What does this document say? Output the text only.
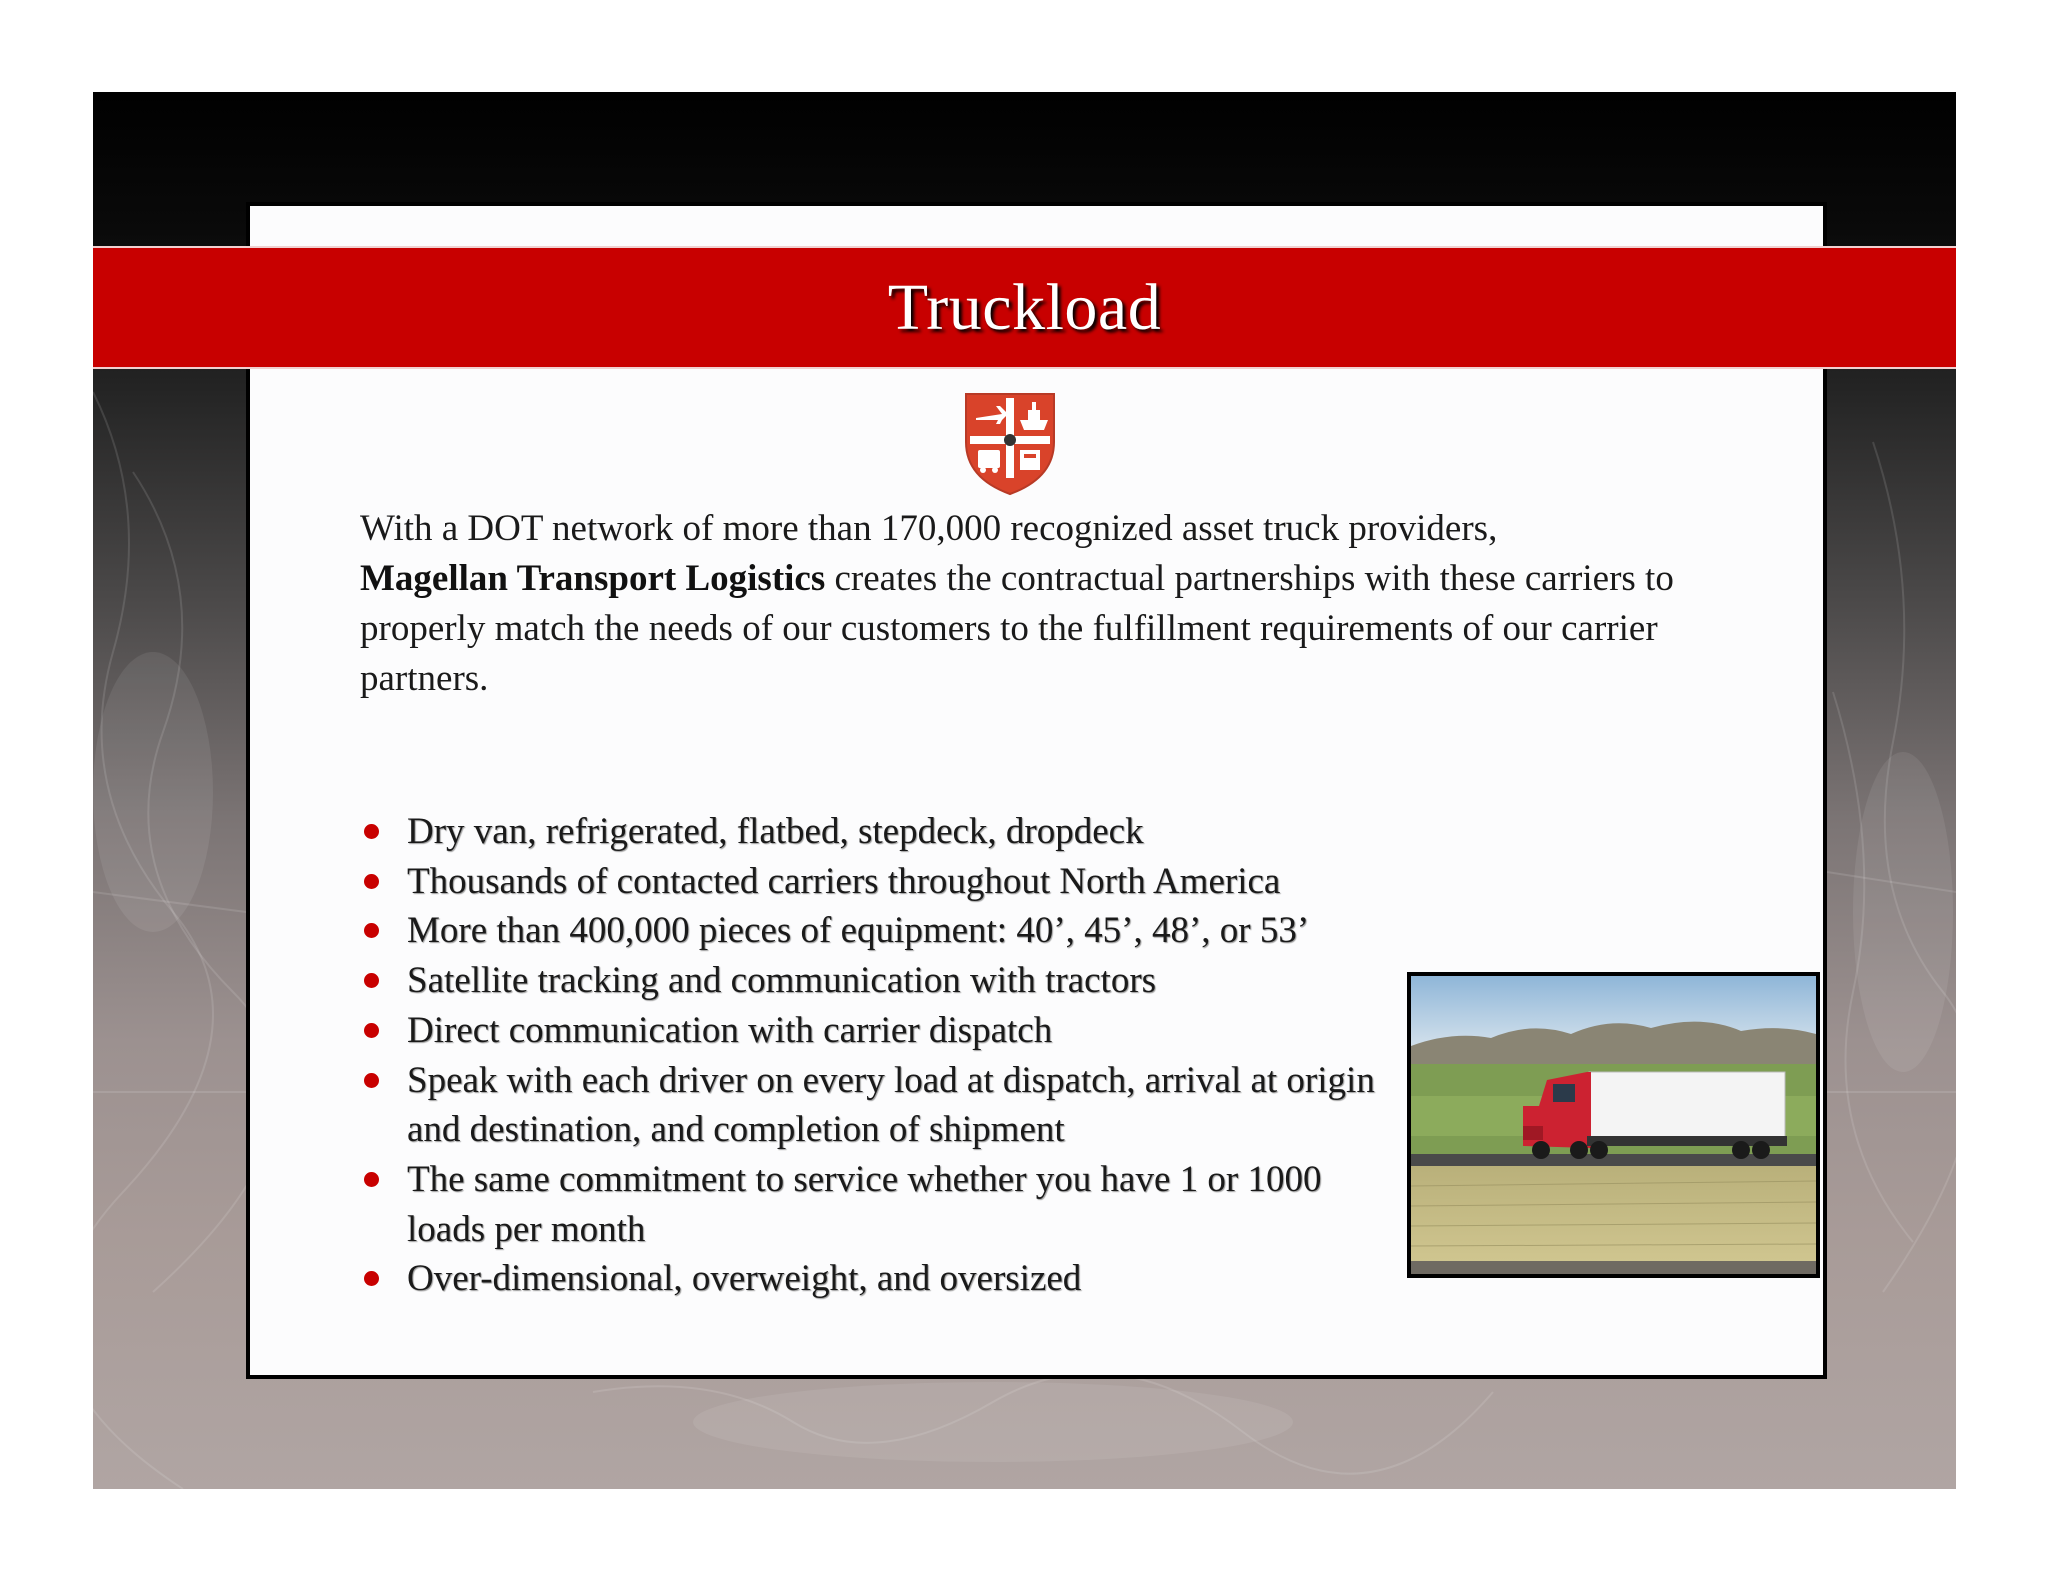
Truckload
With a DOT network of more than 170,000 recognized asset truck providers,
Magellan Transport Logistics creates the contractual partnerships with these carriers to properly match the needs of our customers to the fulfillment requirements of our carrier partners.
Dry van, refrigerated, flatbed, stepdeck, dropdeck
Thousands of contacted carriers throughout North America
More than 400,000 pieces of equipment: 40’, 45’, 48’, or 53’
Satellite tracking and communication with tractors
Direct communication with carrier dispatch
Speak with each driver on every load at dispatch, arrival at origin and destination, and completion of shipment
The same commitment to service whether you have 1 or 1000 loads per month
Over-dimensional, overweight, and oversized
